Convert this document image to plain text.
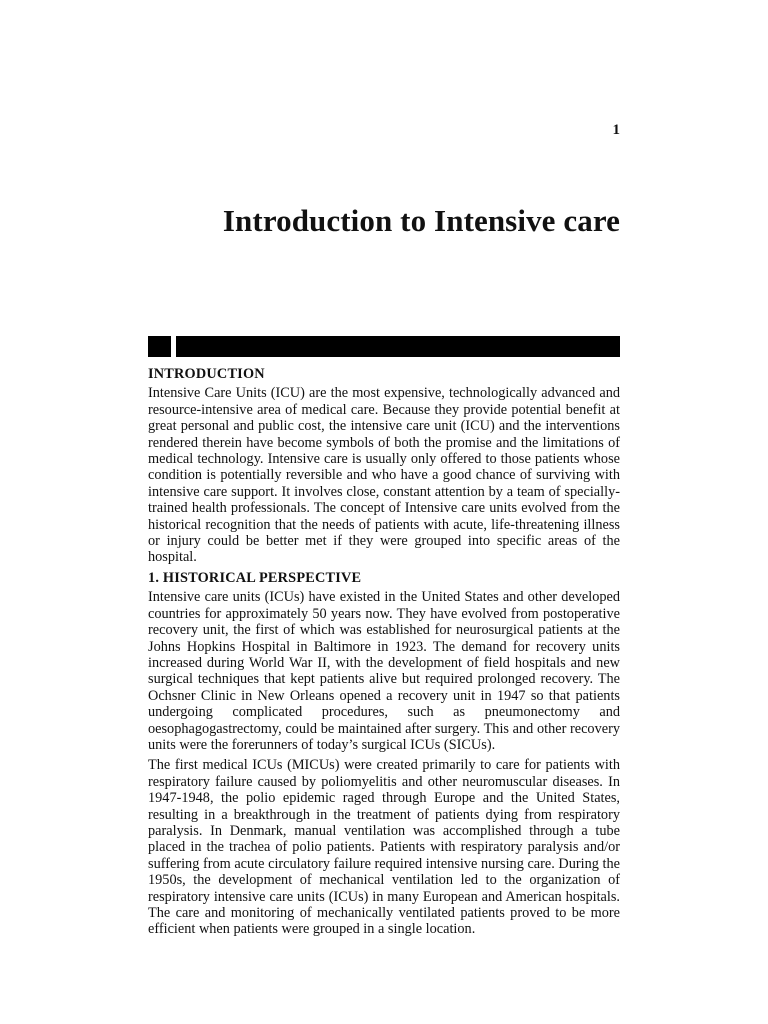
1
Introduction to Intensive care
INTRODUCTION

Intensive Care Units (ICU) are the most expensive, technologically advanced and resource-intensive area of medical care. Because they provide potential benefit at great personal and public cost, the intensive care unit (ICU) and the interventions rendered therein have become symbols of both the promise and the limitations of medical technology. Intensive care is usually only offered to those patients whose condition is potentially reversible and who have a good chance of surviving with intensive care support. It involves close, constant attention by a team of specially-trained health professionals. The concept of Intensive care units evolved from the historical recognition that the needs of patients with acute, life-threatening illness or injury could be better met if they were grouped into specific areas of the hospital.

1. HISTORICAL PERSPECTIVE

Intensive care units (ICUs) have existed in the United States and other developed countries for approximately 50 years now. They have evolved from postoperative recovery unit, the first of which was established for neurosurgical patients at the Johns Hopkins Hospital in Baltimore in 1923. The demand for recovery units increased during World War II, with the development of field hospitals and new surgical techniques that kept patients alive but required prolonged recovery. The Ochsner Clinic in New Orleans opened a recovery unit in 1947 so that patients undergoing complicated procedures, such as pneumonectomy and oesophagogastrectomy, could be maintained after surgery. This and other recovery units were the forerunners of today’s surgical ICUs (SICUs).

The first medical ICUs (MICUs) were created primarily to care for patients with respiratory failure caused by poliomyelitis and other neuromuscular diseases. In 1947-1948, the polio epidemic raged through Europe and the United States, resulting in a breakthrough in the treatment of patients dying from respiratory paralysis. In Denmark, manual ventilation was accomplished through a tube placed in the trachea of polio patients. Patients with respiratory paralysis and/or suffering from acute circulatory failure required intensive nursing care. During the 1950s, the development of mechanical ventilation led to the organization of respiratory intensive care units (ICUs) in many European and American hospitals. The care and monitoring of mechanically ventilated patients proved to be more efficient when patients were grouped in a single location.
